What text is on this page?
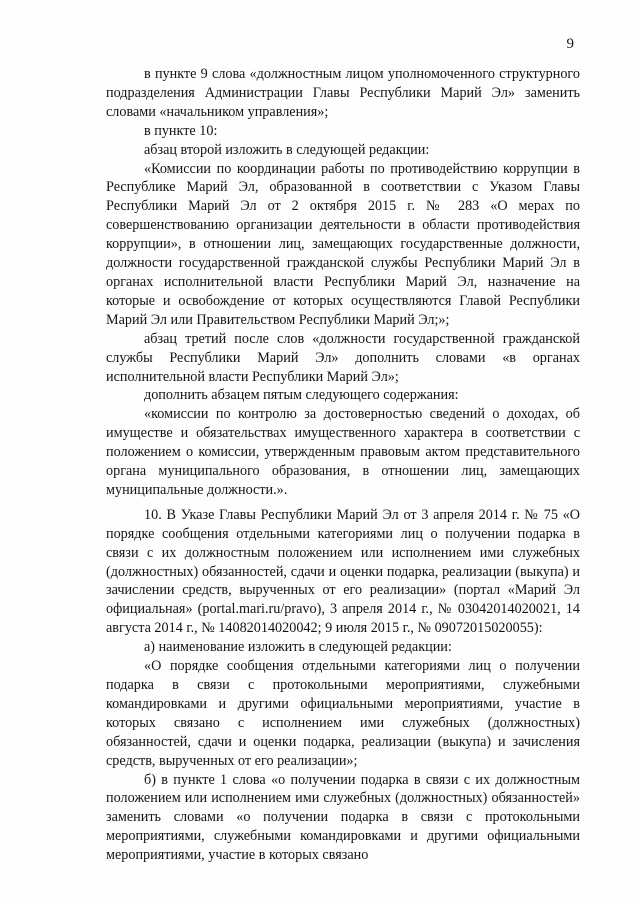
9

в пункте 9 слова «должностным лицом уполномоченного структурного подразделения Администрации Главы Республики Марий Эл» заменить словами «начальником управления»;

в пункте 10:

абзац второй изложить в следующей редакции:

«Комиссии по координации работы по противодействию коррупции в Республике Марий Эл, образованной в соответствии с Указом Главы Республики Марий Эл от 2 октября 2015 г. № 283 «О мерах по совершенствованию организации деятельности в области противодействия коррупции», в отношении лиц, замещающих государственные должности, должности государственной гражданской службы Республики Марий Эл в органах исполнительной власти Республики Марий Эл, назначение на которые и освобождение от которых осуществляются Главой Республики Марий Эл или Правительством Республики Марий Эл;»;

абзац третий после слов «должности государственной гражданской службы Республики Марий Эл» дополнить словами «в органах исполнительной власти Республики Марий Эл»;

дополнить абзацем пятым следующего содержания:

«комиссии по контролю за достоверностью сведений о доходах, об имуществе и обязательствах имущественного характера в соответствии с положением о комиссии, утвержденным правовым актом представительного органа муниципального образования, в отношении лиц, замещающих муниципальные должности.».

10. В Указе Главы Республики Марий Эл от 3 апреля 2014 г. № 75 «О порядке сообщения отдельными категориями лиц о получении подарка в связи с их должностным положением или исполнением ими служебных (должностных) обязанностей, сдачи и оценки подарка, реализации (выкупа) и зачислении средств, вырученных от его реализации» (портал «Марий Эл официальная» (portal.mari.ru/pravo), 3 апреля 2014 г., № 03042014020021, 14 августа 2014 г., № 14082014020042; 9 июля 2015 г., № 09072015020055):

а) наименование изложить в следующей редакции:

«О порядке сообщения отдельными категориями лиц о получении подарка в связи с протокольными мероприятиями, служебными командировками и другими официальными мероприятиями, участие в которых связано с исполнением ими служебных (должностных) обязанностей, сдачи и оценки подарка, реализации (выкупа) и зачисления средств, вырученных от его реализации»;

б) в пункте 1 слова «о получении подарка в связи с их должностным положением или исполнением ими служебных (должностных) обязанностей» заменить словами «о получении подарка в связи с протокольными мероприятиями, служебными командировками и другими официальными мероприятиями, участие в которых связано
